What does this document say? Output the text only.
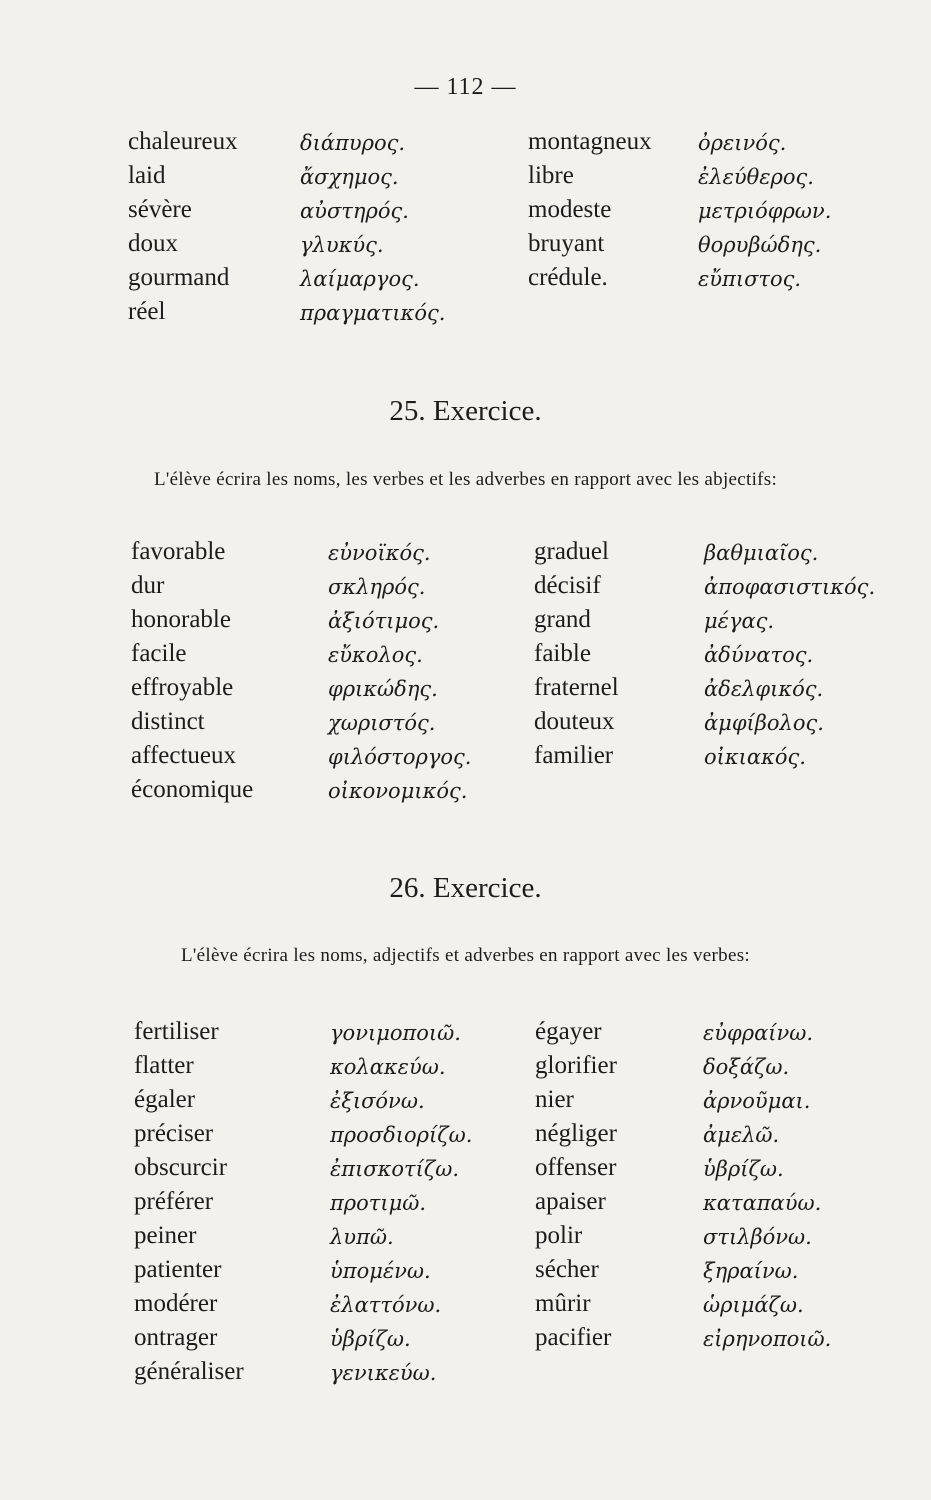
— 112 —
chaleureux	διάπυρος.
laid	ἄσχημος.
sévère	αὐστηρός.
doux	γλυκύς.
gourmand	λαίμαργος.
réel	πραγματικός.
montagneux ὀρεινός.
libre	ἐλεύθερος.
modeste	μετριόφρων.
bruyant	θορυβώδης.
crédule.	εὔπιστος.
25. Exercice.
L'élève écrira les noms, les verbes et les adverbes en rapport avec les abjectifs:
favorable	εὐνοϊκός.
dur	σκληρός.
honorable	ἀξιότιμος.
facile	εὔκολος.
effroyable	φρικώδης.
distinct	χωριστός.
affectueux	φιλόστοργος.
économique	οἰκονομικός.
graduel	βαθμιαῖος.
décisif	ἀποφασιστικός.
grand	μέγας.
faible	ἀδύνατος.
fraternel	ἀδελφικός.
douteux	ἀμφίβολος.
familier	οἰκιακός.
26. Exercice.
L'élève écrira les noms, adjectifs et adverbes en rapport avec les verbes:
fertiliser	γονιμοποιῶ.
flatter	κολακεύω.
égaler	ἐξισόνω.
préciser	προσδιορίζω.
obscurcir	ἐπισκοτίζω.
préférer	προτιμῶ.
peiner	λυπῶ.
patienter	ὑπομένω.
modérer	ἐλαττόνω.
ontrager	ὑβρίζω.
généraliser	γενικεύω.
égayer	εὐφραίνω.
glorifier	δοξάζω.
nier	ἀρνοῦμαι.
négliger	ἀμελῶ.
offenser	ὑβρίζω.
apaiser	καταπαύω.
polir	στιλβόνω.
sécher	ξηραίνω.
mûrir	ὡριμάζω.
pacifier	εἰρηνοποιῶ.
